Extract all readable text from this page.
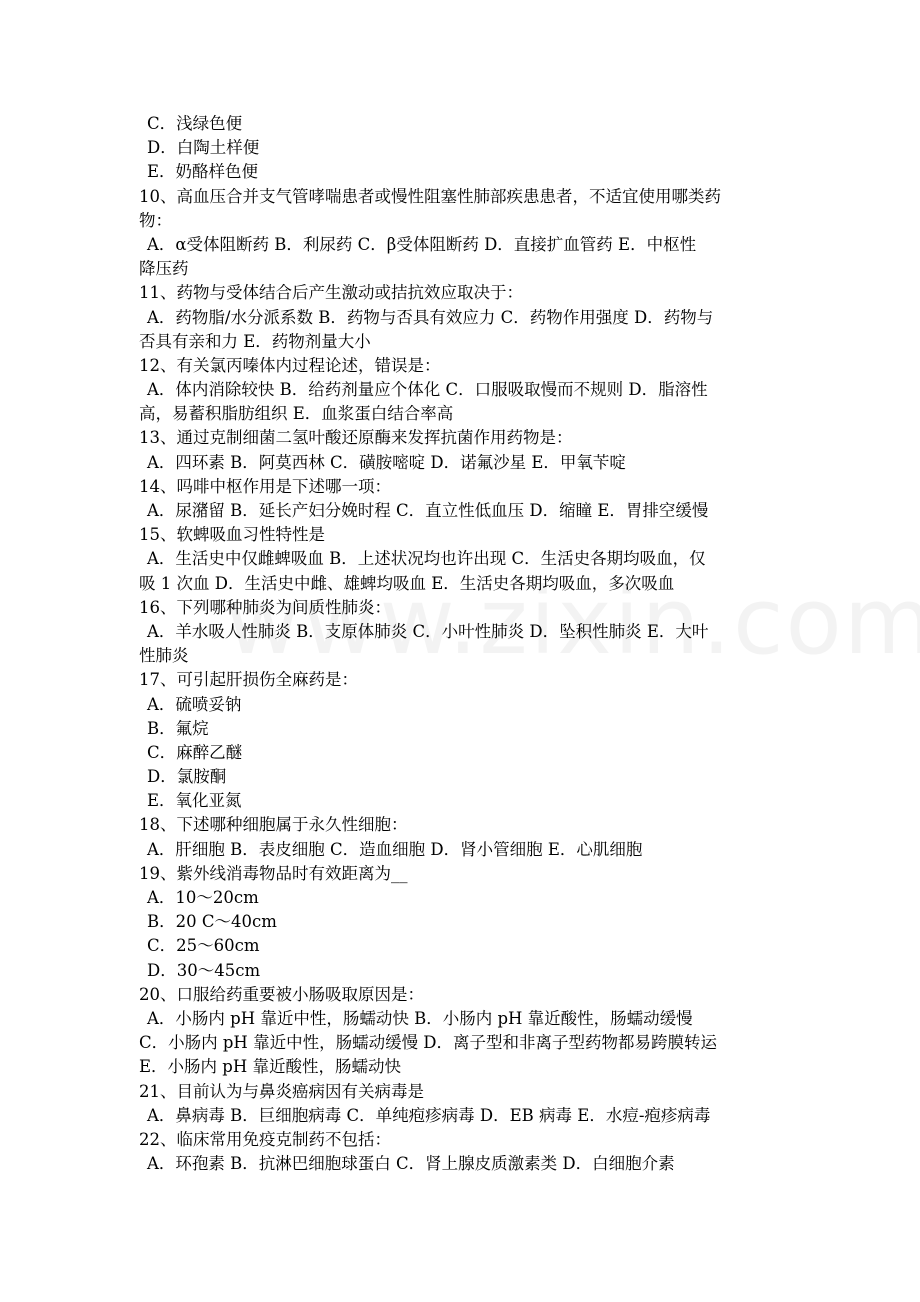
C．浅绿色便
D．白陶土样便
E．奶酪样色便
10、高血压合并支气管哮喘患者或慢性阻塞性肺部疾患患者，不适宜使用哪类药
物：
A．α受体阻断药 B．利尿药 C．β受体阻断药 D．直接扩血管药 E．中枢性
降压药
11、药物与受体结合后产生激动或拮抗效应取决于：
A．药物脂/水分派系数 B．药物与否具有效应力 C．药物作用强度 D．药物与
否具有亲和力 E．药物剂量大小
12、有关氯丙嗪体内过程论述，错误是：
A．体内消除较快 B．给药剂量应个体化 C．口服吸取慢而不规则 D．脂溶性
高，易蓄积脂肪组织 E．血浆蛋白结合率高
13、通过克制细菌二氢叶酸还原酶来发挥抗菌作用药物是：
A．四环素 B．阿莫西林 C．磺胺嘧啶 D．诺氟沙星 E．甲氧苄啶
14、吗啡中枢作用是下述哪一项：
A．尿潴留 B．延长产妇分娩时程 C．直立性低血压 D．缩瞳 E．胃排空缓慢
15、软蜱吸血习性特性是
A．生活史中仅雌蜱吸血 B．上述状况均也许出现 C．生活史各期均吸血，仅
吸 1 次血 D．生活史中雌、雄蜱均吸血 E．生活史各期均吸血，多次吸血
16、下列哪种肺炎为间质性肺炎：
A．羊水吸人性肺炎 B．支原体肺炎 C．小叶性肺炎 D．坠积性肺炎 E．大叶
性肺炎
17、可引起肝损伤全麻药是：
A．硫喷妥钠
B．氟烷
C．麻醉乙醚
D．氯胺酮
E．氧化亚氮
18、下述哪种细胞属于永久性细胞：
A．肝细胞 B．表皮细胞 C．造血细胞 D．肾小管细胞 E．心肌细胞
19、紫外线消毒物品时有效距离为__
A．10～20cm
B．20 C～40cm
C．25～60cm
D．30～45cm
20、口服给药重要被小肠吸取原因是：
A．小肠内 pH 靠近中性，肠蠕动快 B．小肠内 pH 靠近酸性，肠蠕动缓慢
C．小肠内 pH 靠近中性，肠蠕动缓慢 D．离子型和非离子型药物都易跨膜转运
E．小肠内 pH 靠近酸性，肠蠕动快
21、目前认为与鼻炎癌病因有关病毒是
A．鼻病毒 B．巨细胞病毒 C．单纯疱疹病毒 D．EB 病毒 E．水痘-疱疹病毒
22、临床常用免疫克制药不包括：
A．环孢素 B．抗淋巴细胞球蛋白 C．肾上腺皮质激素类 D．白细胞介素
